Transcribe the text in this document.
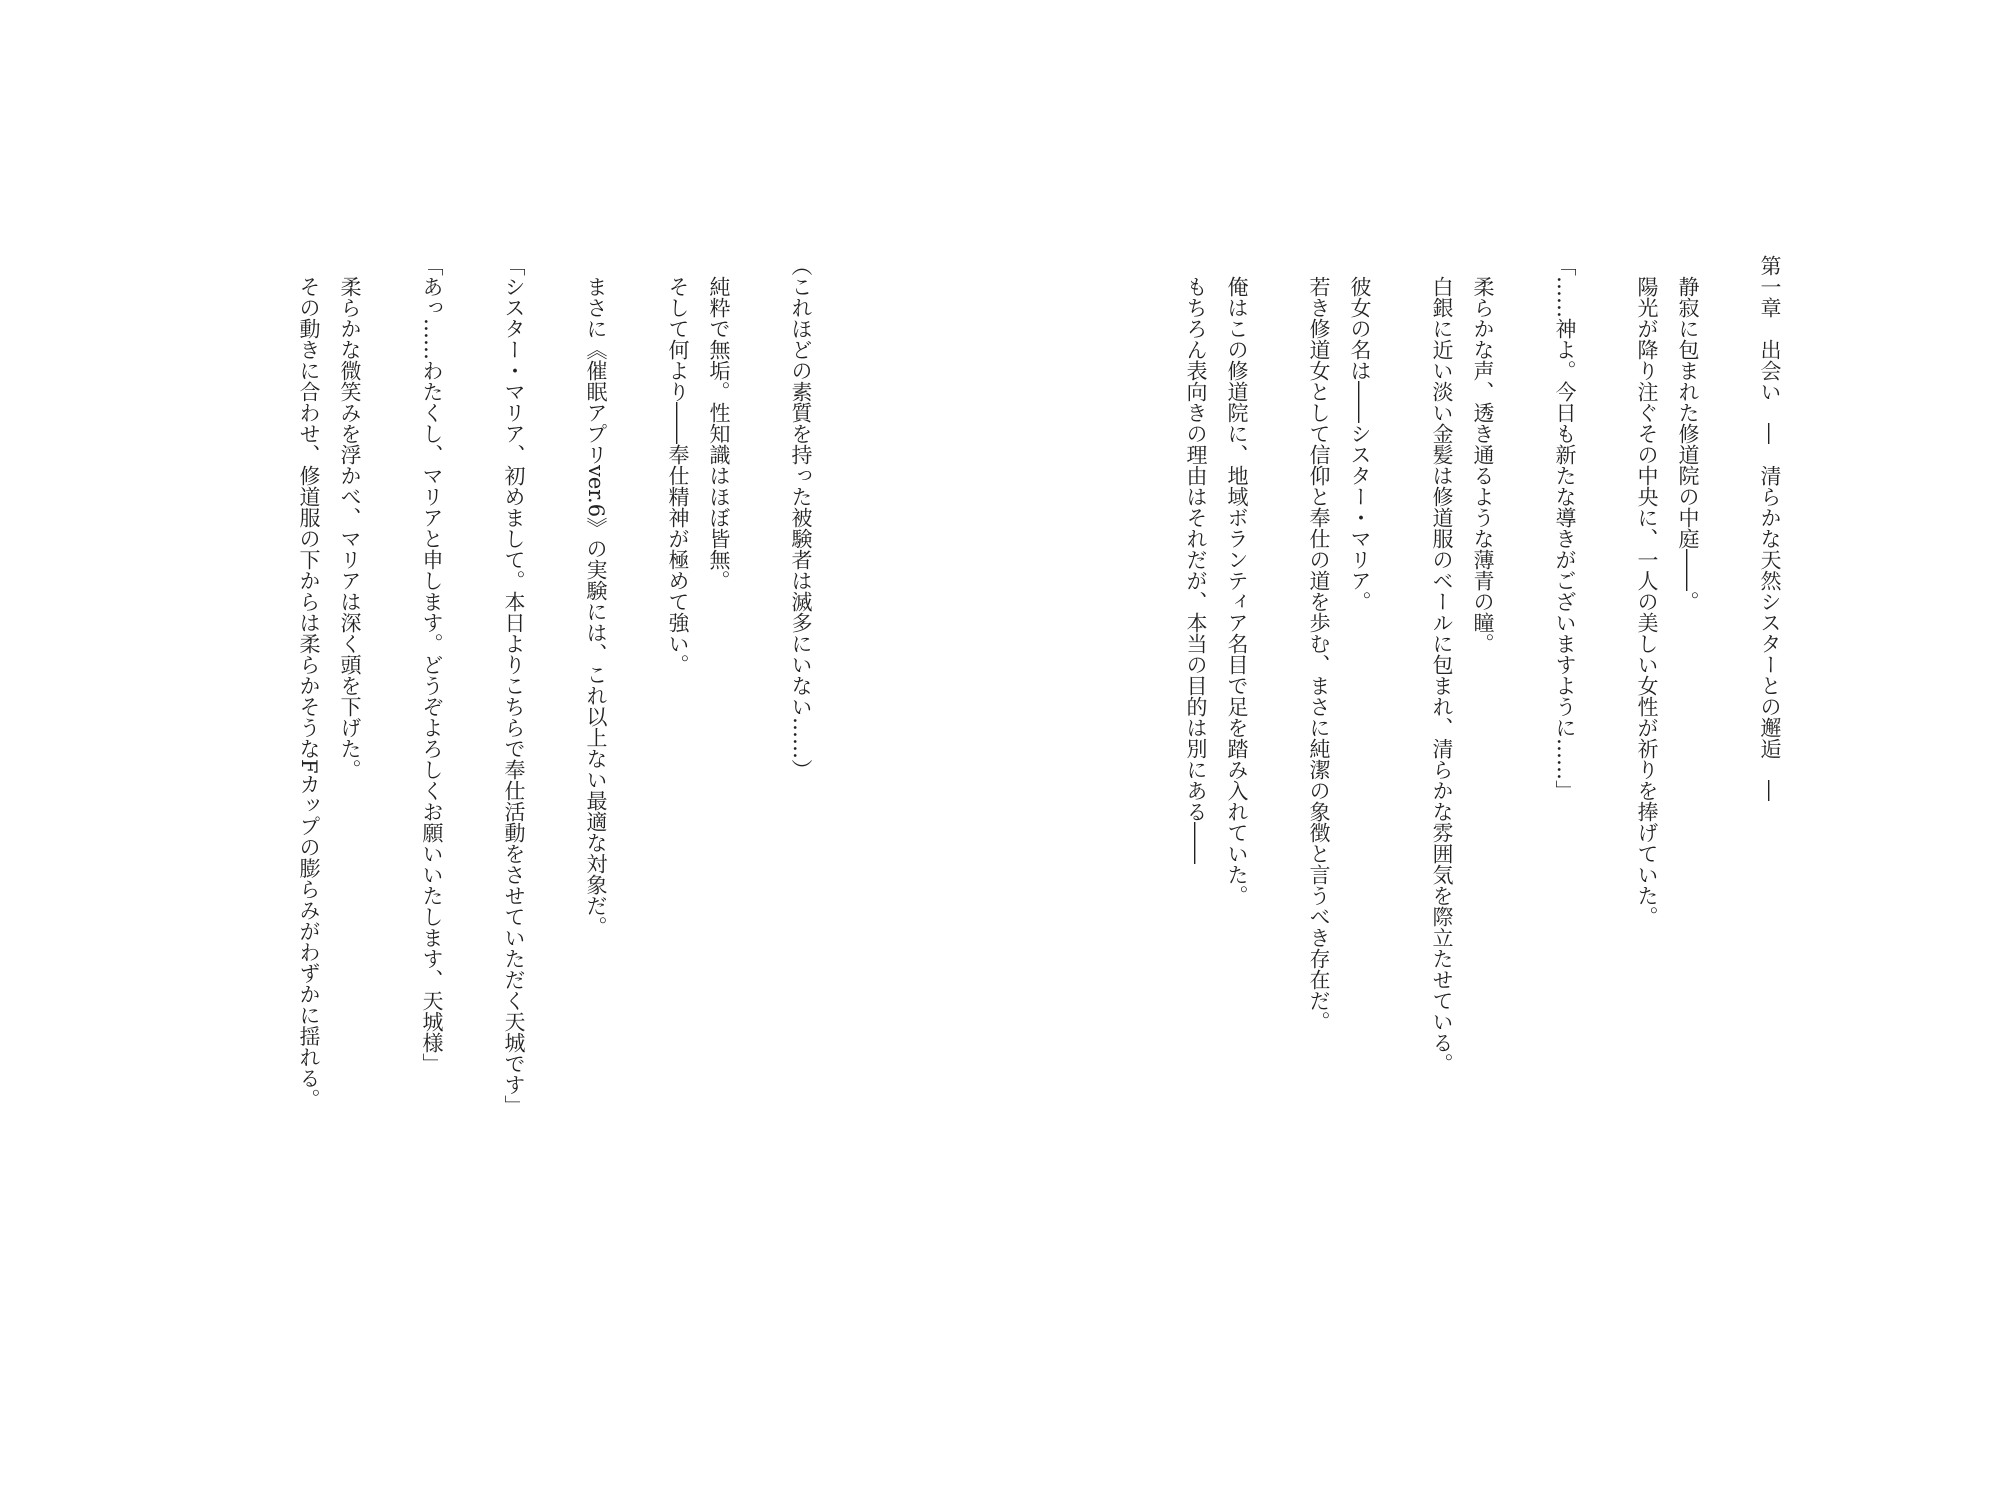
第一章　出会い　―　清らかな天然シスターとの邂逅　―

　静寂に包まれた修道院の中庭――。

　陽光が降り注ぐその中央に、一人の美しい女性が祈りを捧げていた。

「……神よ。今日も新たな導きがございますように……」

　柔らかな声、透き通るような薄青の瞳。

　白銀に近い淡い金髪は修道服のベールに包まれ、清らかな雰囲気を際立たせている。

　彼女の名は――シスター・マリア。

　若き修道女として信仰と奉仕の道を歩む、まさに純潔の象徴と言うべき存在だ。

　俺はこの修道院に、地域ボランティア名目で足を踏み入れていた。

　もちろん表向きの理由はそれだが、本当の目的は別にある――

（これほどの素質を持った被験者は滅多にいない……）

　純粋で無垢。性知識はほぼ皆無。

　そして何より――奉仕精神が極めて強い。

　まさに《催眠アプリver.6》の実験には、これ以上ない最適な対象だ。

「シスター・マリア、初めまして。本日よりこちらで奉仕活動をさせていただく天城です」

「あっ……わたくし、マリアと申します。どうぞよろしくお願いいたします、天城様」

　柔らかな微笑みを浮かべ、マリアは深く頭を下げた。

　その動きに合わせ、修道服の下からは柔らかそうなFカップの膨らみがわずかに揺れる。
